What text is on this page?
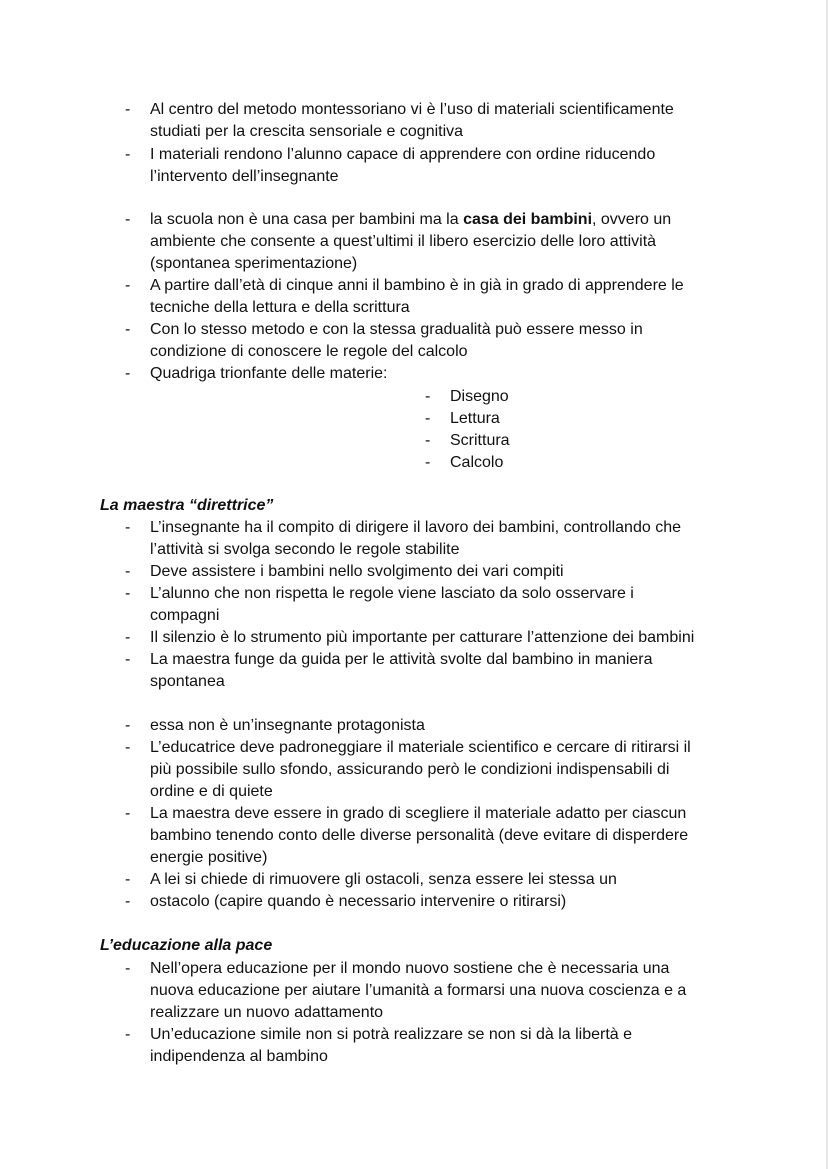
- Al centro del metodo montessoriano vi è l’uso di materiali scientificamente
studiati per la crescita sensoriale e cognitiva
- I materiali rendono l’alunno capace di apprendere con ordine riducendo
l’intervento dell’insegnante
- la scuola non è una casa per bambini ma la casa dei bambini, ovvero un
ambiente che consente a quest’ultimi il libero esercizio delle loro attività
(spontanea sperimentazione)
- A partire dall’età di cinque anni il bambino è in già in grado di apprendere le
tecniche della lettura e della scrittura
- Con lo stesso metodo e con la stessa gradualità può essere messo in
condizione di conoscere le regole del calcolo
- Quadriga trionfante delle materie:
- Disegno
- Lettura
- Scrittura
- Calcolo
La maestra “direttrice”
- L’insegnante ha il compito di dirigere il lavoro dei bambini, controllando che
l’attività si svolga secondo le regole stabilite
- Deve assistere i bambini nello svolgimento dei vari compiti
- L’alunno che non rispetta le regole viene lasciato da solo osservare i
compagni
- Il silenzio è lo strumento più importante per catturare l’attenzione dei bambini
- La maestra funge da guida per le attività svolte dal bambino in maniera
spontanea
- essa non è un’insegnante protagonista
- L’educatrice deve padroneggiare il materiale scientifico e cercare di ritirarsi il
più possibile sullo sfondo, assicurando però le condizioni indispensabili di
ordine e di quiete
- La maestra deve essere in grado di scegliere il materiale adatto per ciascun
bambino tenendo conto delle diverse personalità (deve evitare di disperdere
energie positive)
- A lei si chiede di rimuovere gli ostacoli, senza essere lei stessa un
- ostacolo (capire quando è necessario intervenire o ritirarsi)
L’educazione alla pace
- Nell’opera educazione per il mondo nuovo sostiene che è necessaria una
nuova educazione per aiutare l’umanità a formarsi una nuova coscienza e a
realizzare un nuovo adattamento
- Un’educazione simile non si potrà realizzare se non si dà la libertà e
indipendenza al bambino
